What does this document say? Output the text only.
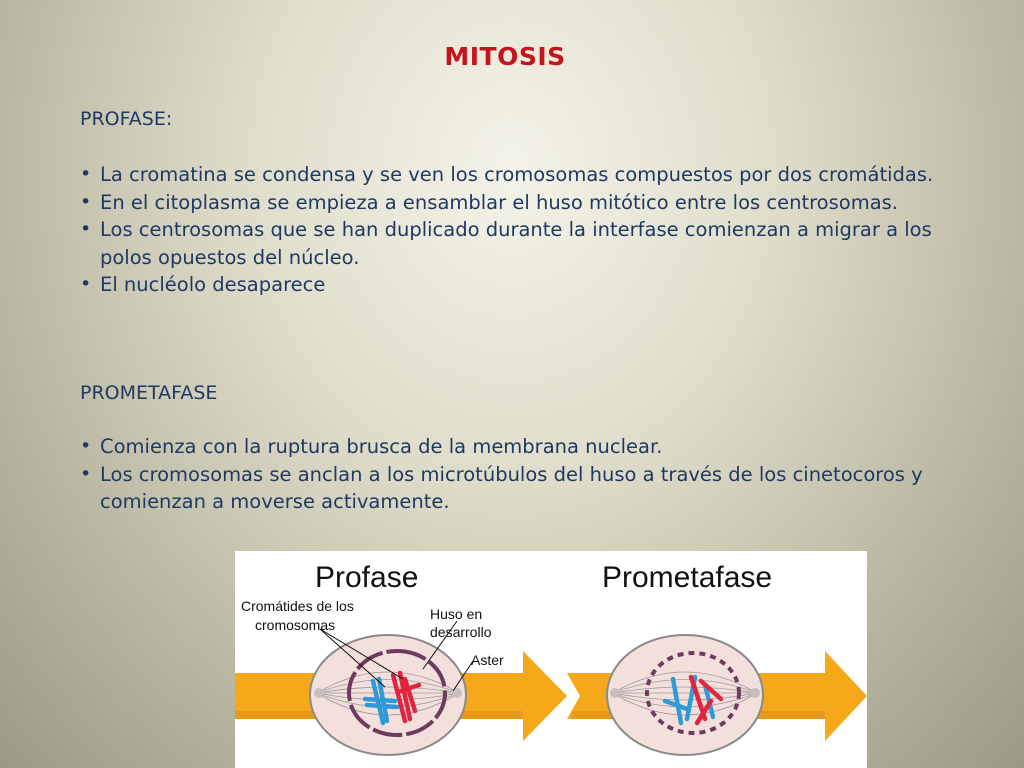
MITOSIS
PROFASE:
• La cromatina se condensa y se ven los cromosomas compuestos por dos cromátidas.
• En el citoplasma se empieza a ensamblar el huso mitótico entre los centrosomas.
• Los centrosomas que se han duplicado durante la interfase comienzan a migrar a los polos opuestos del núcleo.
• El nucléolo desaparece
PROMETAFASE
• Comienza con la ruptura brusca de la membrana nuclear.
• Los cromosomas se anclan a los microtúbulos del huso a través de los cinetocoros y comienzan a moverse activamente.
Profase	Prometafase
Cromátides de los
cromosomas
Huso en
desarrollo
Aster
